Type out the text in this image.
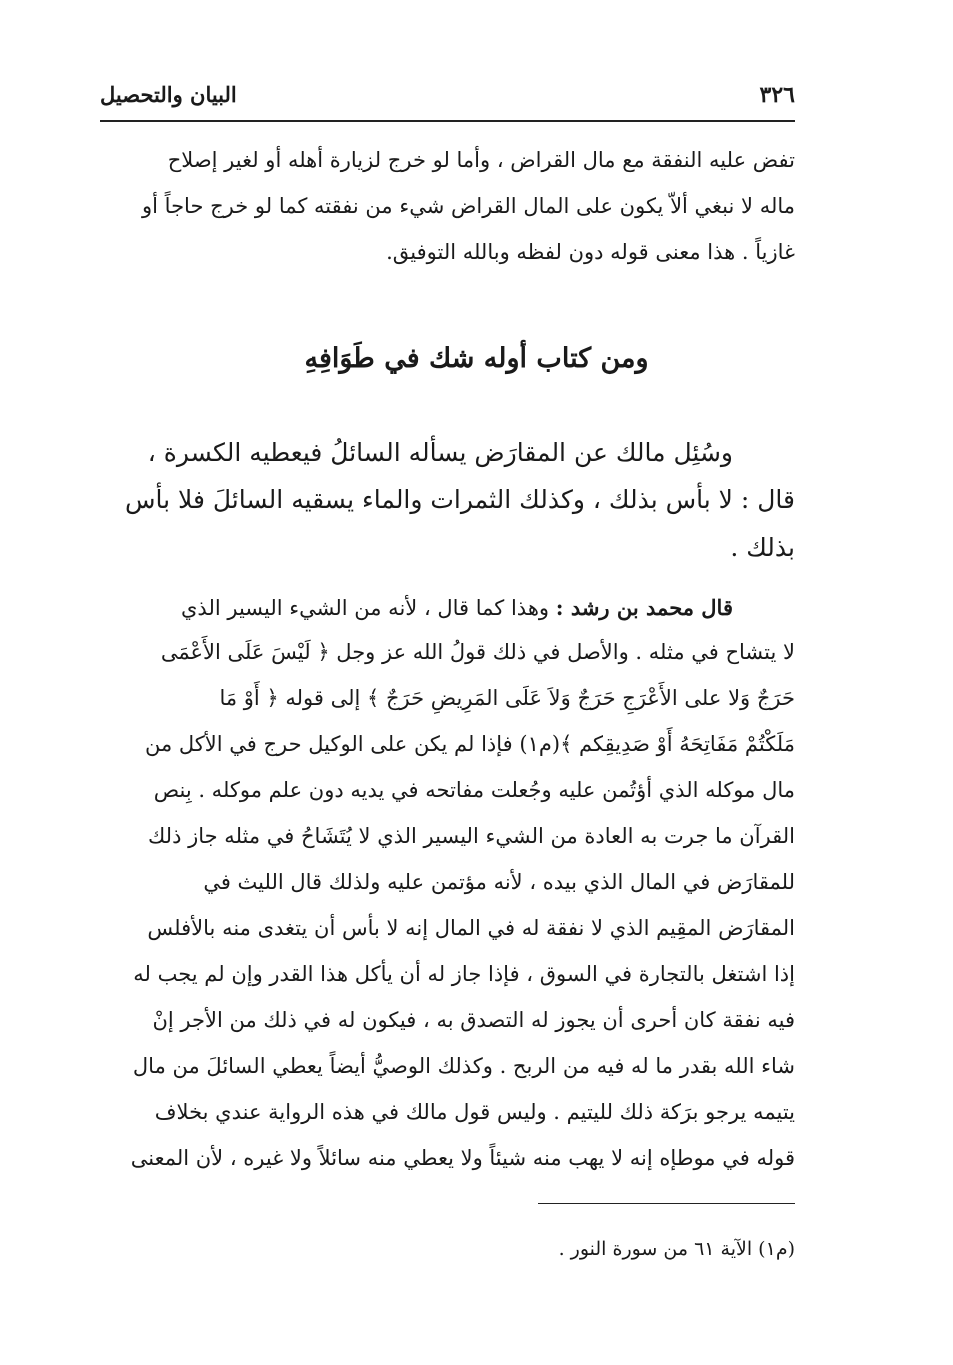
٣٢٦
البيان والتحصيل
تفض عليه النفقة مع مال القراض ، وأما لو خرج لزيارة أهله أو لغير إصلاح
ماله لا نبغي ألاّ يكون على المال القراض شيء من نفقته كما لو خرج حاجاً أو
غازياً . هذا معنى قوله دون لفظه وبالله التوفيق.
ومن كتاب أوله شك في طَوَافِهِ
وسُئِل مالك عن المقارَض يسأله السائلُ فيعطيه الكسرة ،
قال : لا بأس بذلك ، وكذلك الثمرات والماء يسقيه السائلَ فلا بأس
بذلك .
قال محمد بن رشد : وهذا كما قال ، لأنه من الشيء اليسير الذي
لا يتشاح في مثله . والأصل في ذلك قولُ الله عز وجل ﴿ لَيْسَ عَلَى الأَعْمَى
حَرَجٌ وَلا على الأَعْرَجِ حَرَجٌ وَلاَ عَلَى المَرِيضِ حَرَجٌ ﴾ إلى قوله ﴿ أَوْ مَا
مَلَكْتُمْ مَفَاتِحَهُ أَوْ صَدِيقِكم ﴾(م١) فإذا لم يكن على الوكيل حرج في الأكل من
مال موكله الذي أؤتُمن عليه وجُعلت مفاتحه في يديه دون علم موكله . بِنص
القرآن ما جرت به العادة من الشيء اليسير الذي لا يُتَشَاحُ في مثله جاز ذلك
للمقارَض في المال الذي بيده ، لأنه مؤتمن عليه ولذلك قال الليث في
المقارَض المقِيم الذي لا نفقة له في المال إنه لا بأس أن يتغدى منه بالأفلس
إذا اشتغل بالتجارة في السوق ، فإذا جاز له أن يأكل هذا القدر وإن لم يجب له
فيه نفقة كان أحرى أن يجوز له التصدق به ، فيكون له في ذلك من الأجر إنْ
شاء الله بقدر ما له فيه من الربح . وكذلك الوصيُّ أيضاً يعطي السائلَ من مال
يتيمه يرجو برَكة ذلك لليتيم . وليس قول مالك في هذه الرواية عندي بخلاف
قوله في موطإه إنه لا يهب منه شيئاً ولا يعطي منه سائلاً ولا غيره ، لأن المعنى
(م١) الآية ٦١ من سورة النور .
